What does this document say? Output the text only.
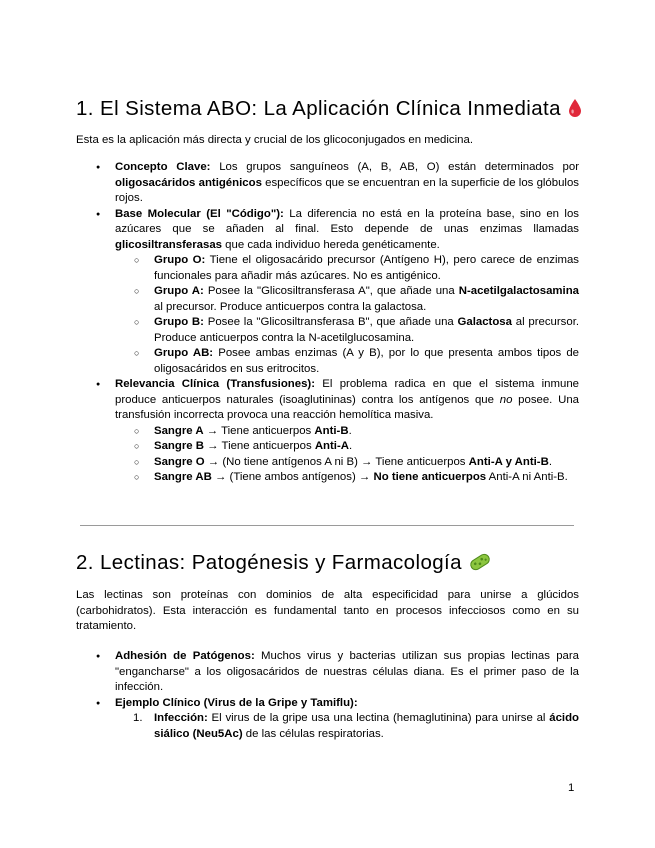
1. El Sistema ABO: La Aplicación Clínica Inmediata

Esta es la aplicación más directa y crucial de los glicoconjugados en medicina.

● Concepto Clave: Los grupos sanguíneos (A, B, AB, O) están determinados por oligosacáridos antigénicos específicos que se encuentran en la superficie de los glóbulos rojos.
● Base Molecular (El "Código"): La diferencia no está en la proteína base, sino en los azúcares que se añaden al final. Esto depende de unas enzimas llamadas glicosiltransferasas que cada individuo hereda genéticamente.
○ Grupo O: Tiene el oligosacárido precursor (Antígeno H), pero carece de enzimas funcionales para añadir más azúcares. No es antigénico.
○ Grupo A: Posee la "Glicosiltransferasa A", que añade una N-acetilgalactosamina al precursor. Produce anticuerpos contra la galactosa.
○ Grupo B: Posee la "Glicosiltransferasa B", que añade una Galactosa al precursor. Produce anticuerpos contra la N-acetilglucosamina.
○ Grupo AB: Posee ambas enzimas (A y B), por lo que presenta ambos tipos de oligosacáridos en sus eritrocitos.
● Relevancia Clínica (Transfusiones): El problema radica en que el sistema inmune produce anticuerpos naturales (isoaglutininas) contra los antígenos que no posee. Una transfusión incorrecta provoca una reacción hemolítica masiva.
○ Sangre A → Tiene anticuerpos Anti-B.
○ Sangre B → Tiene anticuerpos Anti-A.
○ Sangre O → (No tiene antígenos A ni B) → Tiene anticuerpos Anti-A y Anti-B.
○ Sangre AB → (Tiene ambos antígenos) → No tiene anticuerpos Anti-A ni Anti-B.
2. Lectinas: Patogénesis y Farmacología

Las lectinas son proteínas con dominios de alta especificidad para unirse a glúcidos (carbohidratos). Esta interacción es fundamental tanto en procesos infecciosos como en su tratamiento.

● Adhesión de Patógenos: Muchos virus y bacterias utilizan sus propias lectinas para "engancharse" a los oligosacáridos de nuestras células diana. Es el primer paso de la infección.
● Ejemplo Clínico (Virus de la Gripe y Tamiflu):
1. Infección: El virus de la gripe usa una lectina (hemaglutinina) para unirse al ácido siálico (Neu5Ac) de las células respiratorias.
1
